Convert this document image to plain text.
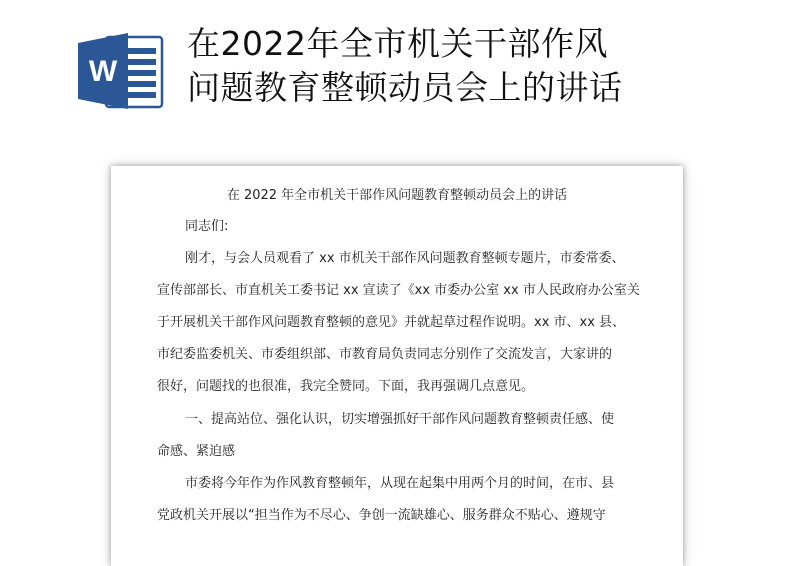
W
在2022年全市机关干部作风
问题教育整顿动员会上的讲话
在 2022 年全市机关干部作风问题教育整顿动员会上的讲话
同志们:
刚才，与会人员观看了 xx 市机关干部作风问题教育整顿专题片，市委常委、
宣传部部长、市直机关工委书记 xx 宣读了《xx 市委办公室 xx 市人民政府办公室关
于开展机关干部作风问题教育整顿的意见》并就起草过程作说明。xx 市、xx 县、
市纪委监委机关、市委组织部、市教育局负责同志分别作了交流发言，大家讲的
很好，问题找的也很准，我完全赞同。下面，我再强调几点意见。
一、提高站位、强化认识，切实增强抓好干部作风问题教育整顿责任感、使
命感、紧迫感
市委将今年作为作风教育整顿年，从现在起集中用两个月的时间，在市、县
党政机关开展以“担当作为不尽心、争创一流缺雄心、服务群众不贴心、遵规守
